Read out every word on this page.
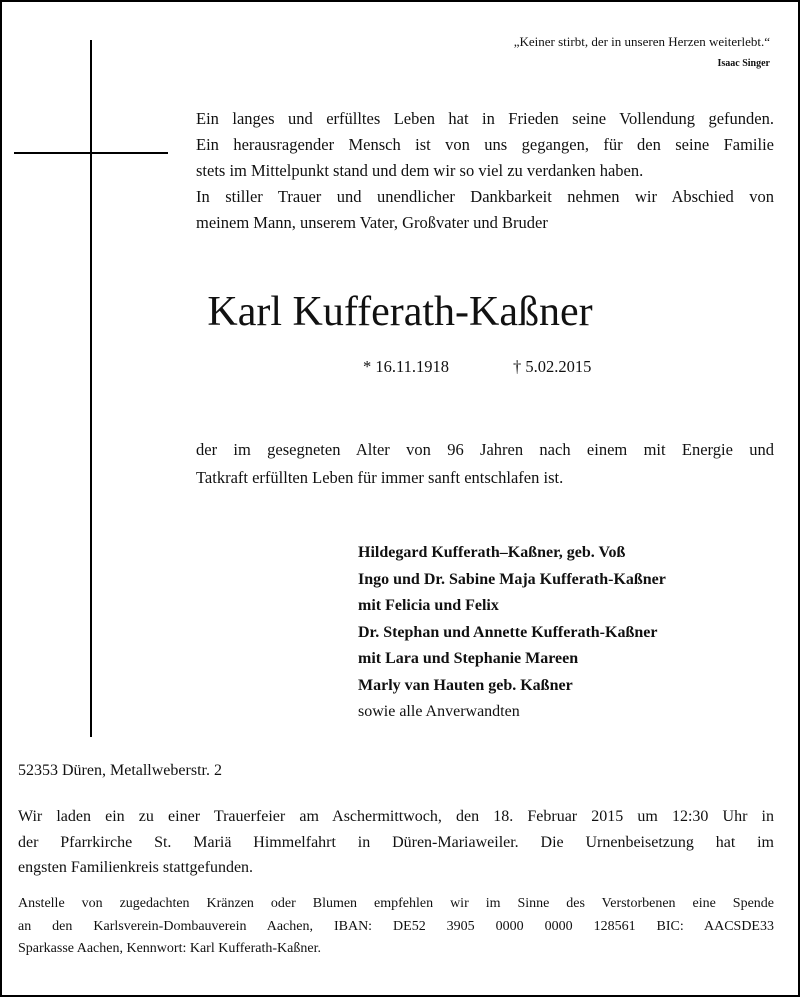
„Keiner stirbt, der in unseren Herzen weiterlebt.“
Isaac Singer

Ein langes und erfülltes Leben hat in Frieden seine Vollendung gefunden.

Ein herausragender Mensch ist von uns gegangen, für den seine Familie

stets im Mittelpunkt stand und dem wir so viel zu verdanken haben.

In stiller Trauer und unendlicher Dankbarkeit nehmen wir Abschied von

meinem Mann, unserem Vater, Großvater und Bruder

Karl Kufferath-Kaßner
* 16.11.1918	† 5.02.2015

der im gesegneten Alter von 96 Jahren nach einem mit Energie und

Tatkraft erfüllten Leben für immer sanft entschlafen ist.

Hildegard Kufferath–Kaßner, geb. Voß
Ingo und Dr. Sabine Maja Kufferath-Kaßner
mit Felicia und Felix
Dr. Stephan und Annette Kufferath-Kaßner
mit Lara und Stephanie Mareen
Marly van Hauten geb. Kaßner
sowie alle Anverwandten
52353 Düren, Metallweberstr. 2

Wir laden ein zu einer Trauerfeier am Aschermittwoch, den 18. Februar 2015 um 12:30 Uhr in

der Pfarrkirche St. Mariä Himmelfahrt in Düren-Mariaweiler. Die Urnenbeisetzung hat im

engsten Familienkreis stattgefunden.

Anstelle von zugedachten Kränzen oder Blumen empfehlen wir im Sinne des Verstorbenen eine Spende

an den Karlsverein-Dombauverein Aachen, IBAN: DE52 3905 0000 0000 128561 BIC: AACSDE33

Sparkasse Aachen, Kennwort: Karl Kufferath-Kaßner.
